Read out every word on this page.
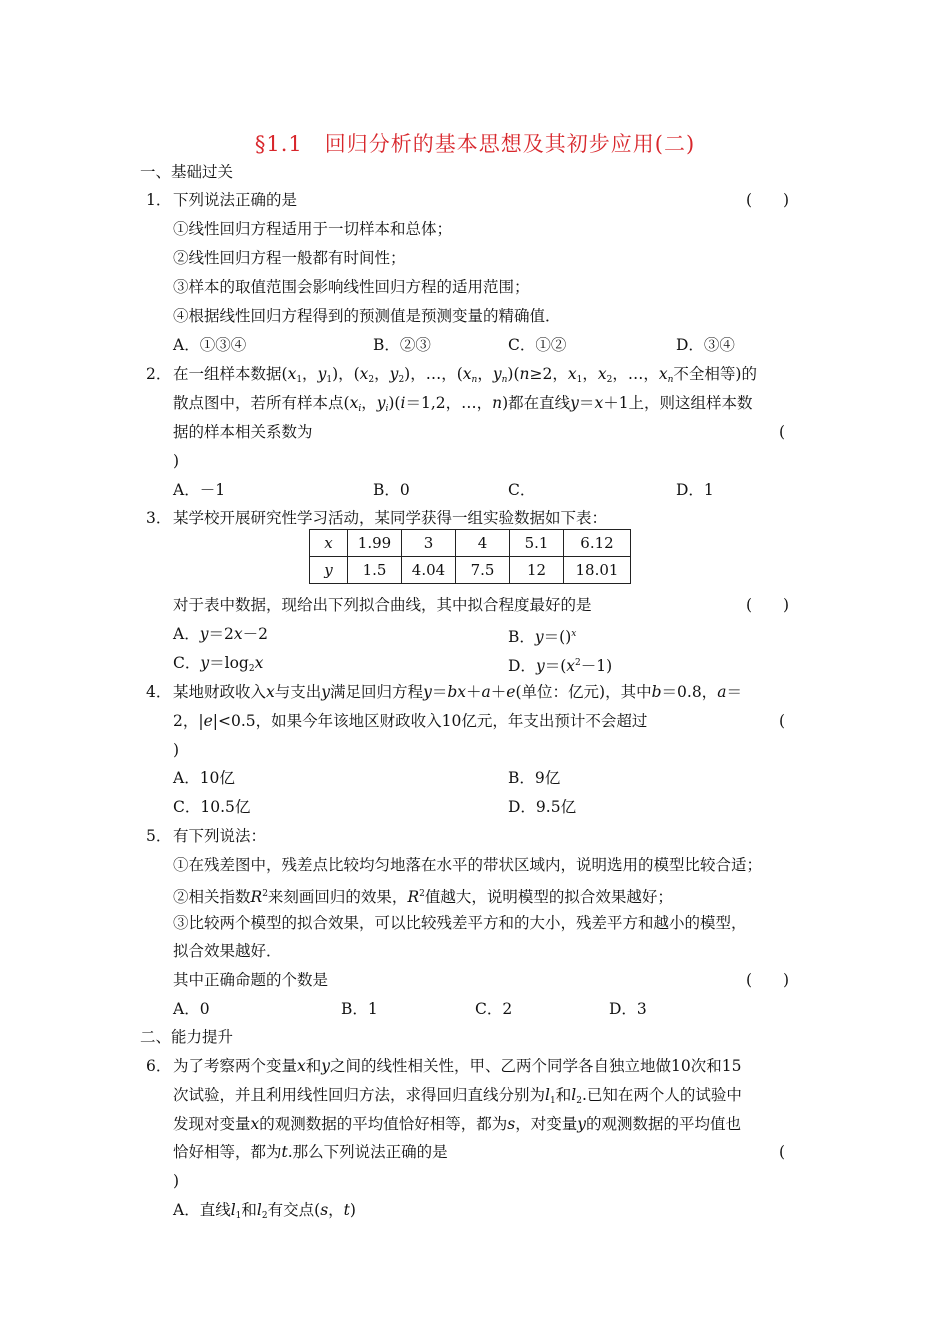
§1.1　回归分析的基本思想及其初步应用(二)
一、基础过关
1． 下列说法正确的是	(　　)
①线性回归方程适用于一切样本和总体；
②线性回归方程一般都有时间性；
③样本的取值范围会影响线性回归方程的适用范围；
④根据线性回归方程得到的预测值是预测变量的精确值．
A．①③④	B．②③	C．①②	D．③④
2． 在一组样本数据($x_1$，$y_1$)，($x_2$，$y_2$)，…，($x_n$，$y_n)(n\ge 2$，$x_1$，$x_2$，…，$x_n$不全相等)的
散点图中，若所有样本点($x_i$，$y_i)(i=1,2$，…，n)都在直线y＝x＋1上，则这组样本数
据的样本相关系数为	(
)
A．－1	B．0	C．	D．1
3． 某学校开展研究性学习活动，某同学获得一组实验数据如下表：
x	1.99	3	4	5.1	6.12
y	1.5	4.04	7.5	12	18.01
对于表中数据，现给出下列拟合曲线，其中拟合程度最好的是	(　　)
A．y＝2x－2	B．y＝()$^x$
C．$y=\log_2x$	D．$y=(x^2-1)$
4． 某地财政收入x与支出y满足回归方程y＝bx＋a＋e(单位：亿元)，其中b＝0.8，a＝
2，|e|<0.5，如果今年该地区财政收入10亿元，年支出预计不会超过	(
)
A．10亿	B．9亿
C．10.5亿	D．9.5亿
5． 有下列说法：
①在残差图中，残差点比较均匀地落在水平的带状区域内，说明选用的模型比较合适；
②相关指数$R^2$来刻画回归的效果，$R^2$值越大，说明模型的拟合效果越好；
③比较两个模型的拟合效果，可以比较残差平方和的大小，残差平方和越小的模型，
拟合效果越好．
其中正确命题的个数是	(　　)
A．0	B．1	C．2	D．3
二、能力提升
6． 为了考察两个变量x和y之间的线性相关性，甲、乙两个同学各自独立地做10次和15
次试验，并且利用线性回归方法，求得回归直线分别为$l_1$和$l_2$.已知在两个人的试验中
发现对变量x的观测数据的平均值恰好相等，都为s，对变量y的观测数据的平均值也
恰好相等，都为t.那么下列说法正确的是	(
)
A．直线$l_1$和$l_2$有交点(s，t)
